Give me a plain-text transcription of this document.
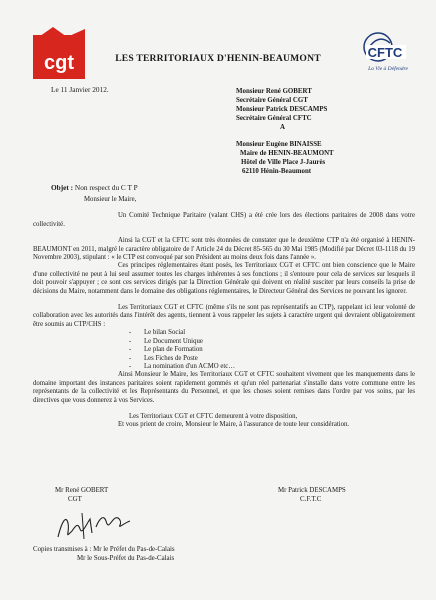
cgt	LES TERRITORIAUX D'HENIN-BEAUMONT	CFTC
La Vie à Défendre
Le 11 Janvier 2012.	Monsieur René GOBERT
Secrétaire Général CGT
Monsieur Patrick DESCAMPS
Secrétaire Général CFTC
A
Monsieur Eugène BINAISSE
Maire de HENIN-BEAUMONT
Hôtel de Ville Place J-Jaurès
62110 Hénin-Beaumont
Objet : Non respect du C T P

Monsieur le Maire,

Un Comité Technique Paritaire (valant CHS) a été crée lors des élections paritaires de 2008 dans votre collectivité.

Ainsi la CGT et la CFTC sont très étonnées de constater que le deuxième CTP n'a été organisé à HENIN-BEAUMONT en 2011, malgré le caractère obligatoire de l' Article 24 du Décret 85-565 du 30 Mai 1985 (Modifié par Décret 03-1118 du 19 Novembre 2003), stipulant : « le CTP est convoqué par son Président au moins deux fois dans l'année ».

Ces principes réglementaires étant posés, les Territoriaux CGT et CFTC ont bien conscience que le Maire d'une collectivité ne peut à lui seul assumer toutes les charges inhérentes à ses fonctions ; il s'entoure pour cela de services sur lesquels il doit pouvoir s'appuyer ; ce sont ces services dirigés par la Direction Générale qui doivent en réalité susciter par leurs conseils la prise de décisions du Maire, notamment dans le domaine des obligations réglementaires, le Directeur Général des Services ne pouvant les ignorer.

Les Territoriaux CGT et CFTC (même s'ils ne sont pas représentatifs au CTP), rappelant ici leur volonté de collaboration avec les autorités dans l'intérêt des agents, tiennent à vous rappeler les sujets à caractère urgent qui devraient obligatoirement être soumis au CTP/CHS :

- Le bilan Social
- Le Document Unique
- Le plan de Formation
- Les Fiches de Poste
- La nomination d'un ACMO etc…

Ainsi Monsieur le Maire, les Territoriaux CGT et CFTC souhaitent vivement que les manquements dans le domaine important des instances paritaires soient rapidement gommés et qu'un réel partenariat s'installe dans votre commune entre les représentants de la collectivité et les Représentants du Personnel, et que les choses soient remises dans l'ordre par vos soins, par les directives que vous donnerez à vos Services.

Les Territoriaux CGT et CFTC demeurent à votre disposition,

Et vous prient de croire, Monsieur le Maire, à l'assurance de toute leur considération.

Mr René GOBERT
CGT
Mr Patrick DESCAMPS
C.F.T.C
Copies transmises à : Mr le Préfet du Pas-de-Calais
Mr le Sous-Préfet du Pas-de-Calais
